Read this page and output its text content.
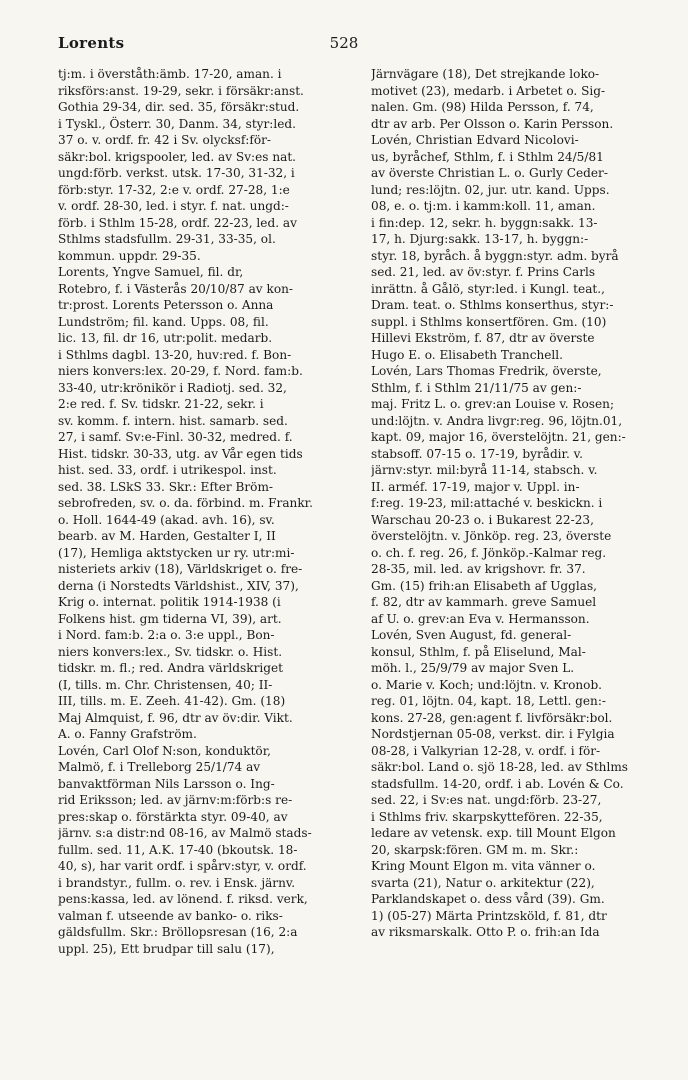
Lorents	528
tj:m. i överståth:ämb. 17-20, aman. i
riksförs:anst. 19-29, sekr. i försäkr:anst.
Gothia 29-34, dir. sed. 35, försäkr:stud.
i Tyskl., Österr. 30, Danm. 34, styr:led.
37 o. v. ordf. fr. 42 i Sv. olycksf:för-
säkr:bol. krigspooler, led. av Sv:es nat.
ungd:förb. verkst. utsk. 17-30, 31-32, i
förb:styr. 17-32, 2:e v. ordf. 27-28, 1:e
v. ordf. 28-30, led. i styr. f. nat. ungd:-
förb. i Sthlm 15-28, ordf. 22-23, led. av
Sthlms stadsfullm. 29-31, 33-35, ol.
kommun. uppdr. 29-35.
Lorents, Yngve Samuel, fil. dr,
Rotebro, f. i Västerås 20/10/87 av kon-
tr:prost. Lorents Petersson o. Anna
Lundström; fil. kand. Upps. 08, fil.
lic. 13, fil. dr 16, utr:polit. medarb.
i Sthlms dagbl. 13-20, huv:red. f. Bon-
niers konvers:lex. 20-29, f. Nord. fam:b.
33-40, utr:krönikör i Radiotj. sed. 32,
2:e red. f. Sv. tidskr. 21-22, sekr. i
sv. komm. f. intern. hist. samarb. sed.
27, i samf. Sv:e-Finl. 30-32, medred. f.
Hist. tidskr. 30-33, utg. av Vår egen tids
hist. sed. 33, ordf. i utrikespol. inst.
sed. 38. LSkS 33. Skr.: Efter Bröm-
sebrofreden, sv. o. da. förbind. m. Frankr.
o. Holl. 1644-49 (akad. avh. 16), sv.
bearb. av M. Harden, Gestalter I, II
(17), Hemliga aktstycken ur ry. utr:mi-
nisteriets arkiv (18), Världskriget o. fre-
derna (i Norstedts Världshist., XIV, 37),
Krig o. internat. politik 1914-1938 (i
Folkens hist. gm tiderna VI, 39), art.
i Nord. fam:b. 2:a o. 3:e uppl., Bon-
niers konvers:lex., Sv. tidskr. o. Hist.
tidskr. m. fl.; red. Andra världskriget
(I, tills. m. Chr. Christensen, 40; II-
III, tills. m. E. Zeeh. 41-42). Gm. (18)
Maj Almquist, f. 96, dtr av öv:dir. Vikt.
A. o. Fanny Grafström.
Lovén, Carl Olof N:son, konduktör,
Malmö, f. i Trelleborg 25/1/74 av
banvaktförman Nils Larsson o. Ing-
rid Eriksson; led. av järnv:m:förb:s re-
pres:skap o. förstärkta styr. 09-40, av
järnv. s:a distr:nd 08-16, av Malmö stads-
fullm. sed. 11, A.K. 17-40 (bkoutsk. 18-
40, s), har varit ordf. i spårv:styr, v. ordf.
i brandstyr., fullm. o. rev. i Ensk. järnv.
pens:kassa, led. av lönend. f. riksd. verk,
valman f. utseende av banko- o. riks-
gäldsfullm. Skr.: Bröllopsresan (16, 2:a
uppl. 25), Ett brudpar till salu (17),
Järnvägare (18), Det strejkande loko-
motivet (23), medarb. i Arbetet o. Sig-
nalen. Gm. (98) Hilda Persson, f. 74,
dtr av arb. Per Olsson o. Karin Persson.
Lovén, Christian Edvard Nicolovi-
us, byråchef, Sthlm, f. i Sthlm 24/5/81
av överste Christian L. o. Gurly Ceder-
lund; res:löjtn. 02, jur. utr. kand. Upps.
08, e. o. tj:m. i kamm:koll. 11, aman.
i fin:dep. 12, sekr. h. byggn:sakk. 13-
17, h. Djurg:sakk. 13-17, h. byggn:-
styr. 18, byråch. å byggn:styr. adm. byrå
sed. 21, led. av öv:styr. f. Prins Carls
inrättn. å Gålö, styr:led. i Kungl. teat.,
Dram. teat. o. Sthlms konserthus, styr:-
suppl. i Sthlms konsertfören. Gm. (10)
Hillevi Ekström, f. 87, dtr av överste
Hugo E. o. Elisabeth Tranchell.
Lovén, Lars Thomas Fredrik, överste,
Sthlm, f. i Sthlm 21/11/75 av gen:-
maj. Fritz L. o. grev:an Louise v. Rosen;
und:löjtn. v. Andra livgr:reg. 96, löjtn.01,
kapt. 09, major 16, överstelöjtn. 21, gen:-
stabsoff. 07-15 o. 17-19, byrådir. v.
järnv:styr. mil:byrå 11-14, stabsch. v.
II. arméf. 17-19, major v. Uppl. in-
f:reg. 19-23, mil:attaché v. beskickn. i
Warschau 20-23 o. i Bukarest 22-23,
överstelöjtn. v. Jönköp. reg. 23, överste
o. ch. f. reg. 26, f. Jönköp.-Kalmar reg.
28-35, mil. led. av krigshovr. fr. 37.
Gm. (15) frih:an Elisabeth af Ugglas,
f. 82, dtr av kammarh. greve Samuel
af U. o. grev:an Eva v. Hermansson.
Lovén, Sven August, fd. general-
konsul, Sthlm, f. på Eliselund, Mal-
möh. l., 25/9/79 av major Sven L.
o. Marie v. Koch; und:löjtn. v. Kronob.
reg. 01, löjtn. 04, kapt. 18, Lettl. gen:-
kons. 27-28, gen:agent f. livförsäkr:bol.
Nordstjernan 05-08, verkst. dir. i Fylgia
08-28, i Valkyrian 12-28, v. ordf. i för-
säkr:bol. Land o. sjö 18-28, led. av Sthlms
stadsfullm. 14-20, ordf. i ab. Lovén & Co.
sed. 22, i Sv:es nat. ungd:förb. 23-27,
i Sthlms friv. skarpskyttefören. 22-35,
ledare av vetensk. exp. till Mount Elgon
20, skarpsk:fören. GM m. m. Skr.:
Kring Mount Elgon m. vita vänner o.
svarta (21), Natur o. arkitektur (22),
Parklandskapet o. dess vård (39). Gm.
1) (05-27) Märta Printzsköld, f. 81, dtr
av riksmarskalk. Otto P. o. frih:an Ida
